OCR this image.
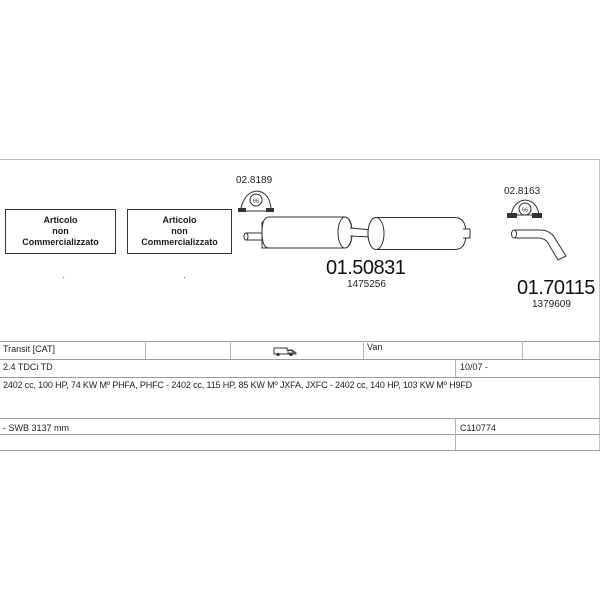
Articolo
non
Commercializzato
·
Articolo
non
Commercializzato
·
66
66
02.8189
02.8163
01.50831
1475256	01.70115
1379609
Transit [CAT]	Van
2.4 TDCi TD	10/07 -
2402 cc, 100 HP, 74 KW Mº PHFA, PHFC - 2402 cc, 115 HP, 85 KW Mº JXFA, JXFC - 2402 cc, 140 HP, 103 KW Mº H9FD
- SWB 3137 mm	C110774
